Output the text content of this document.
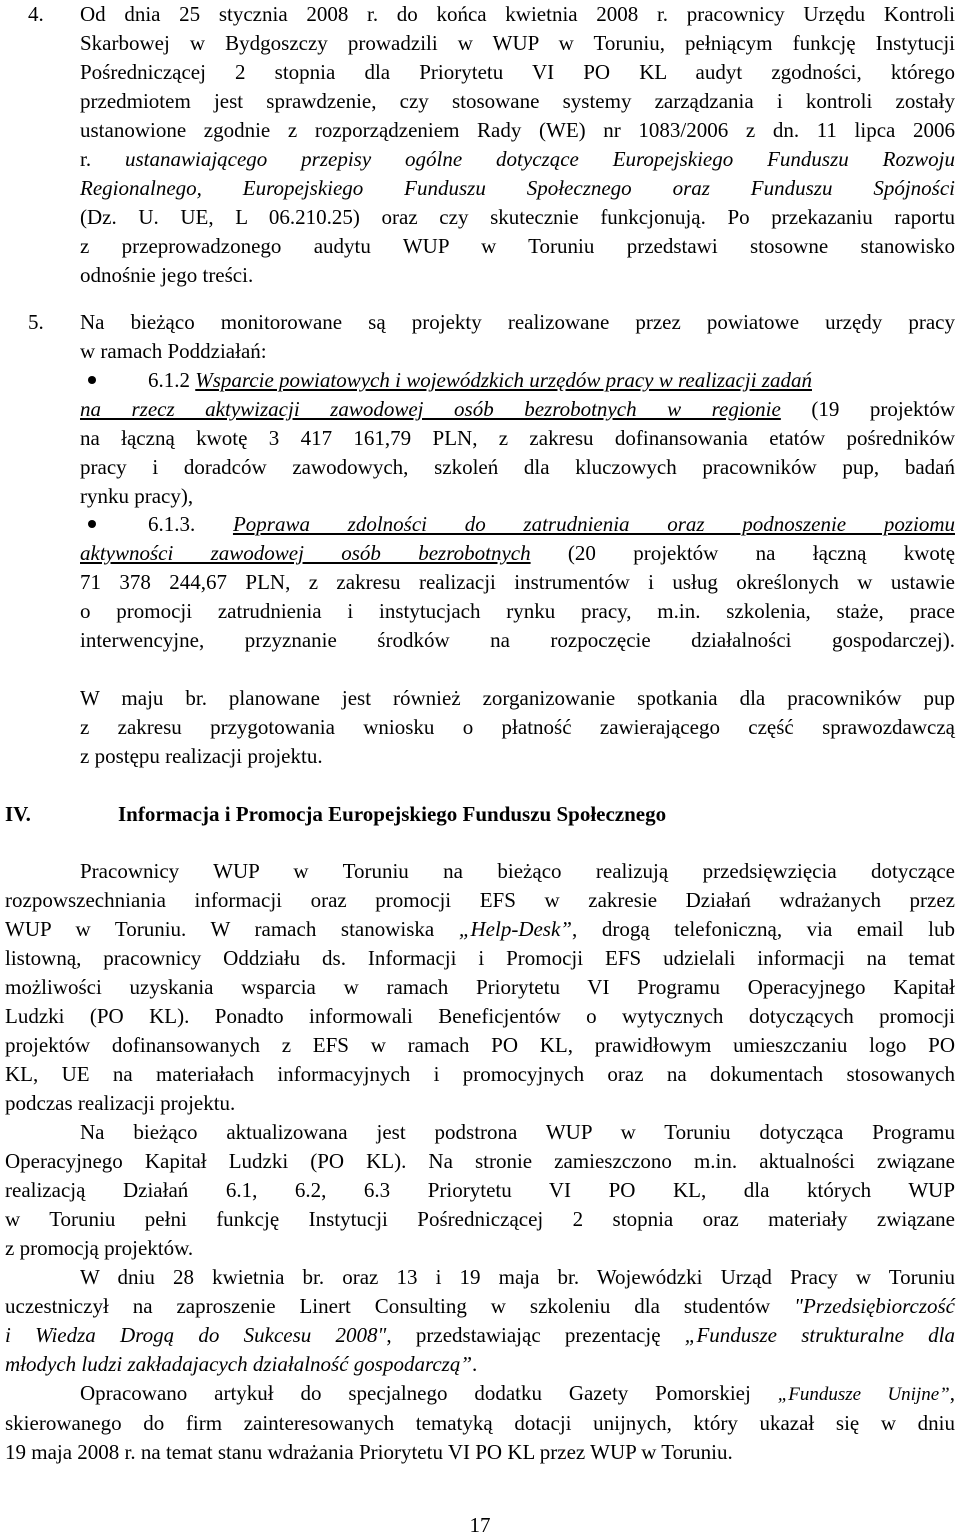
4. Od dnia 25 stycznia 2008 r. do końca kwietnia 2008 r. pracownicy Urzędu Kontroli
Skarbowej w Bydgoszczy prowadzili w WUP w Toruniu, pełniącym funkcję Instytucji
Pośredniczącej 2 stopnia dla Priorytetu VI PO KL audyt zgodności, którego
przedmiotem jest sprawdzenie, czy stosowane systemy zarządzania i kontroli zostały
ustanowione zgodnie z rozporządzeniem Rady (WE) nr 1083/2006 z dn. 11 lipca 2006
r. ustanawiającego przepisy ogólne dotyczące Europejskiego Funduszu Rozwoju
Regionalnego, Europejskiego Funduszu Społecznego oraz Funduszu Spójności
(Dz. U. UE, L 06.210.25) oraz czy skutecznie funkcjonują. Po przekazaniu raportu
z przeprowadzonego audytu WUP w Toruniu przedstawi stosowne stanowisko
odnośnie jego treści.
5. Na bieżąco monitorowane są projekty realizowane przez powiatowe urzędy pracy
w ramach Poddziałań:
6.1.2 Wsparcie powiatowych i wojewódzkich urzędów pracy w realizacji zadań
na rzecz aktywizacji zawodowej osób bezrobotnych w regionie (19 projektów
na łączną kwotę 3 417 161,79 PLN, z zakresu dofinansowania etatów pośredników
pracy i doradców zawodowych, szkoleń dla kluczowych pracowników pup, badań
rynku pracy),
6.1.3. Poprawa zdolności do zatrudnienia oraz podnoszenie poziomu
aktywności zawodowej osób bezrobotnych (20 projektów na łączną kwotę
71 378 244,67 PLN, z zakresu realizacji instrumentów i usług określonych w ustawie
o promocji zatrudnienia i instytucjach rynku pracy, m.in. szkolenia, staże, prace
interwencyjne, przyznanie środków na rozpoczęcie działalności gospodarczej).
W maju br. planowane jest również zorganizowanie spotkania dla pracowników pup
z zakresu przygotowania wniosku o płatność zawierającego część sprawozdawczą
z postępu realizacji projektu.
IV.	Informacja i Promocja Europejskiego Funduszu Społecznego
Pracownicy WUP w Toruniu na bieżąco realizują przedsięwzięcia dotyczące
rozpowszechniania informacji oraz promocji EFS w zakresie Działań wdrażanych przez
WUP w Toruniu. W ramach stanowiska „Help-Desk”, drogą telefoniczną, via email lub
listowną, pracownicy Oddziału ds. Informacji i Promocji EFS udzielali informacji na temat
możliwości uzyskania wsparcia w ramach Priorytetu VI Programu Operacyjnego Kapitał
Ludzki (PO KL). Ponadto informowali Beneficjentów o wytycznych dotyczących promocji
projektów dofinansowanych z EFS w ramach PO KL, prawidłowym umieszczaniu logo PO
KL, UE na materiałach informacyjnych i promocyjnych oraz na dokumentach stosowanych
podczas realizacji projektu.
Na bieżąco aktualizowana jest podstrona WUP w Toruniu dotycząca Programu
Operacyjnego Kapitał Ludzki (PO KL). Na stronie zamieszczono m.in. aktualności związane
realizacją Działań 6.1, 6.2, 6.3 Priorytetu VI PO KL, dla których WUP
w Toruniu pełni funkcję Instytucji Pośredniczącej 2 stopnia oraz materiały związane
z promocją projektów.
W dniu 28 kwietnia br. oraz 13 i 19 maja br. Wojewódzki Urząd Pracy w Toruniu
uczestniczył na zaproszenie Linert Consulting w szkoleniu dla studentów "Przedsiębiorczość
i Wiedza Drogą do Sukcesu 2008", przedstawiając prezentację „Fundusze strukturalne dla
młodych ludzi zakładajacych działalność gospodarczą”.
Opracowano artykuł do specjalnego dodatku Gazety Pomorskiej „Fundusze Unijne”,
skierowanego do firm zainteresowanych tematyką dotacji unijnych, który ukazał się w dniu
19 maja 2008 r. na temat stanu wdrażania Priorytetu VI PO KL przez WUP w Toruniu.
17
